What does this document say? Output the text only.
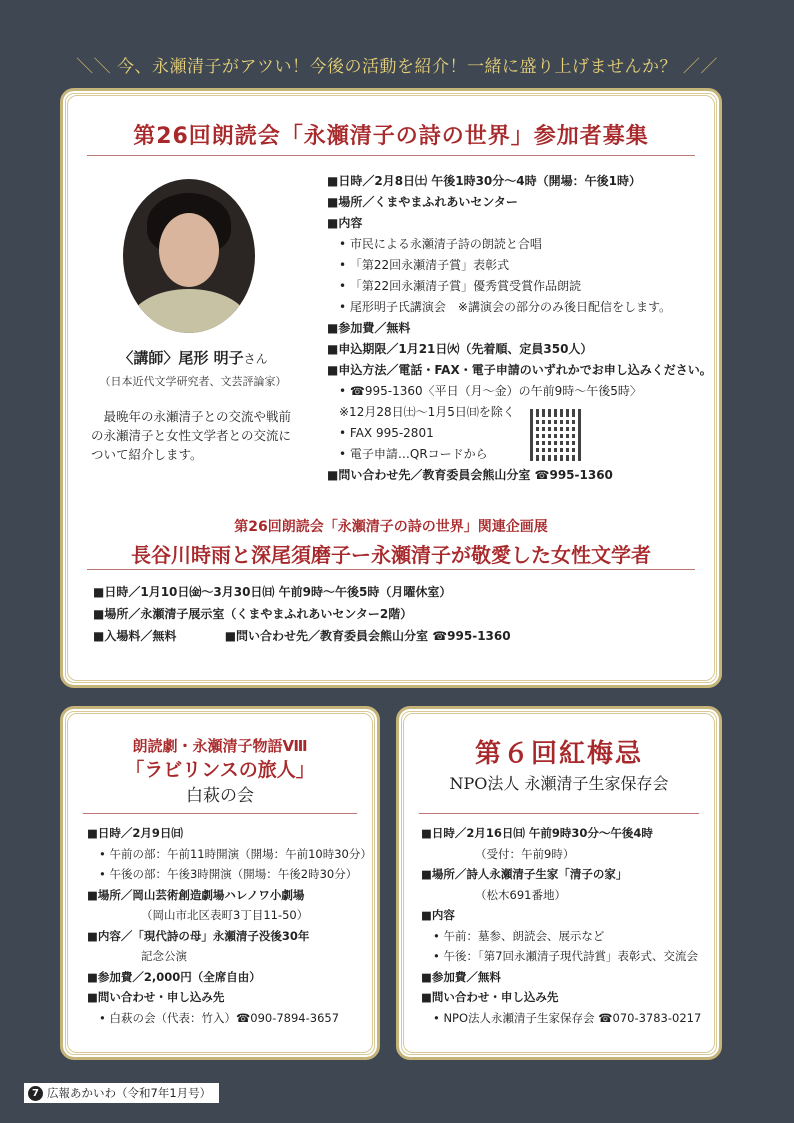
＼＼ 今、永瀬清子がアツい！今後の活動を紹介！一緒に盛り上げませんか？ ／／
第26回朗読会「永瀬清子の詩の世界」参加者募集
〈講師〉尾形 明子さん
（日本近代文学研究者、文芸評論家）
最晩年の永瀬清子との交流や戦前の永瀬清子と女性文学者との交流について紹介します。
■日時／2月8日㈯ 午後1時30分～4時（開場：午後1時）
■場所／くまやまふれあいセンター
■内容
• 市民による永瀬清子詩の朗読と合唱
• 「第22回永瀬清子賞」表彰式
• 「第22回永瀬清子賞」優秀賞受賞作品朗読
• 尾形明子氏講演会　※講演会の部分のみ後日配信をします。
■参加費／無料
■申込期限／1月21日㈫（先着順、定員350人）
■申込方法／電話・FAX・電子申請のいずれかでお申し込みください。
• ☎995-1360〈平日（月～金）の午前9時～午後5時〉
※12月28日㈯～1月5日㈰を除く
• FAX 995-2801
• 電子申請…QRコードから
■問い合わせ先／教育委員会熊山分室 ☎995-1360
第26回朗読会「永瀬清子の詩の世界」関連企画展
長谷川時雨と深尾須磨子ー永瀬清子が敬愛した女性文学者
■日時／1月10日㈮～3月30日㈰ 午前9時～午後5時（月曜休室）
■場所／永瀬清子展示室（くまやまふれあいセンター2階）
■入場料／無料	■問い合わせ先／教育委員会熊山分室 ☎995-1360
朗読劇・永瀬清子物語Ⅷ
「ラビリンスの旅人」
白萩の会
■日時／2月9日㈰
• 午前の部：午前11時開演（開場：午前10時30分）
• 午後の部：午後3時開演（開場：午後2時30分）
■場所／岡山芸術創造劇場ハレノワ小劇場
（岡山市北区表町3丁目11-50）
■内容／「現代詩の母」永瀬清子没後30年
記念公演
■参加費／2,000円（全席自由）
■問い合わせ・申し込み先
• 白萩の会（代表：竹入）☎090-7894-3657
第６回紅梅忌
NPO法人 永瀬清子生家保存会
■日時／2月16日㈰ 午前9時30分～午後4時
（受付：午前9時）
■場所／詩人永瀬清子生家「清子の家」
（松木691番地）
■内容
• 午前：墓参、朗読会、展示など
• 午後：「第7回永瀬清子現代詩賞」表彰式、交流会
■参加費／無料
■問い合わせ・申し込み先
• NPO法人永瀬清子生家保存会 ☎070-3783-0217
7 広報あかいわ（令和7年1月号）
